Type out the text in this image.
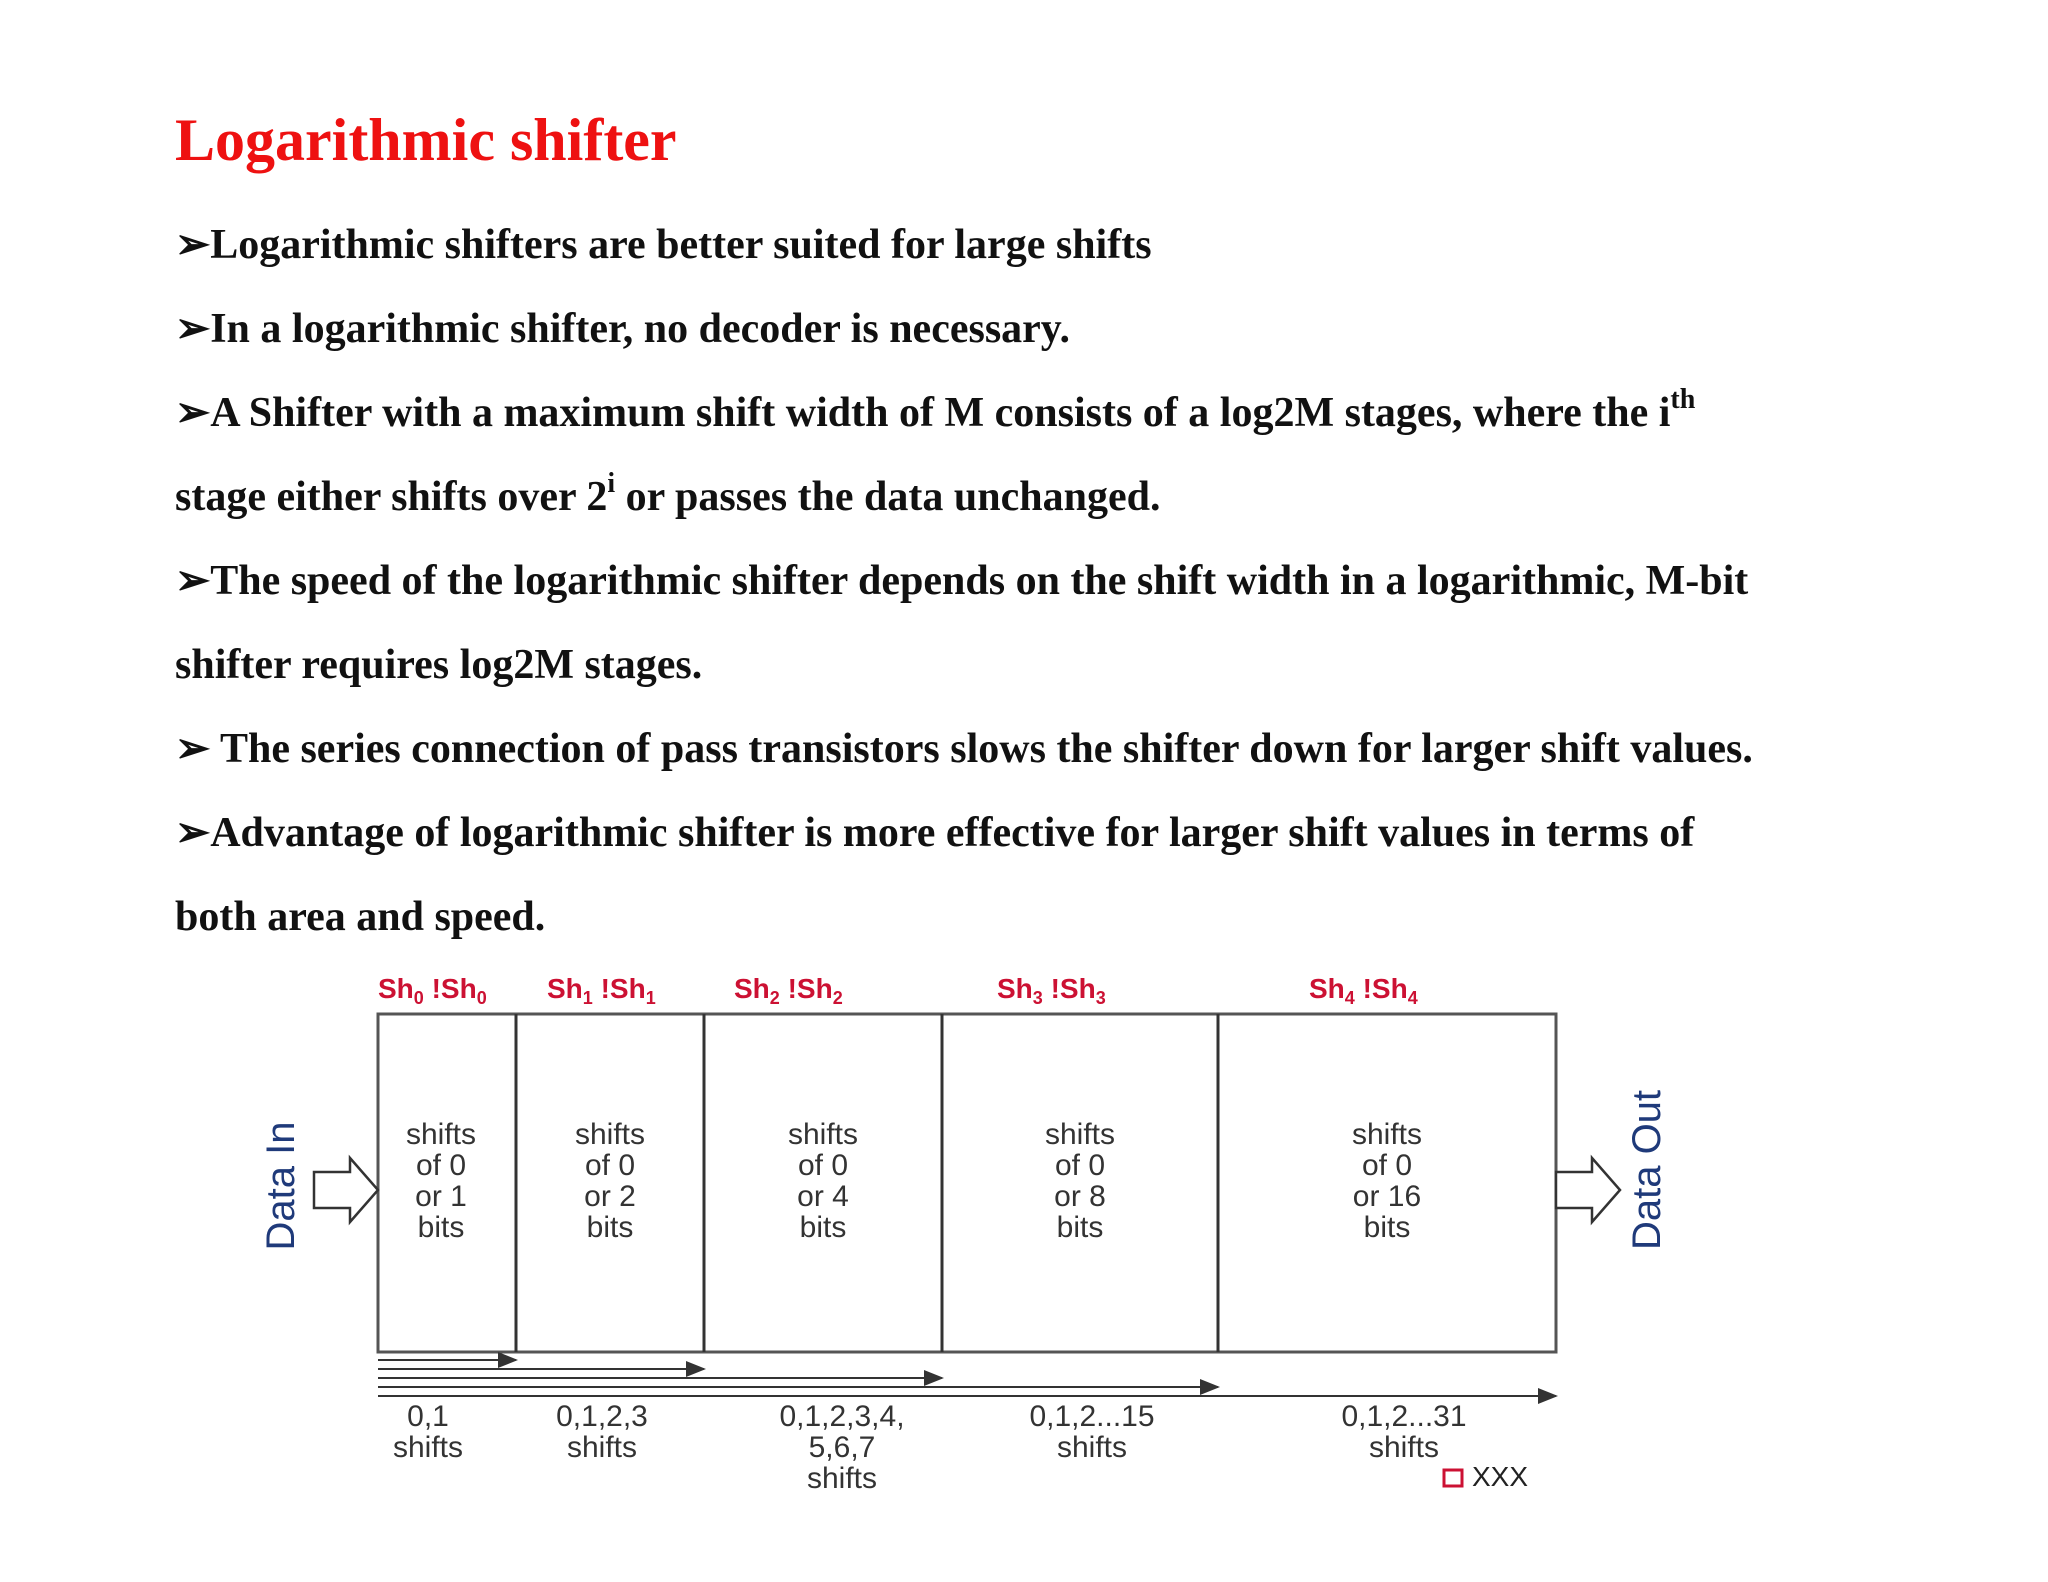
Logarithmic shifter
➢Logarithmic shifters are better suited for large shifts
➢In a logarithmic shifter, no decoder is necessary.
➢A Shifter with a maximum shift width of M consists of a log2M stages, where the $i^{th}$
stage either shifts over 2$^i$ or passes the data unchanged.
➢The speed of the logarithmic shifter depends on the shift width in a logarithmic, M-bit
shifter requires log2M stages.
➢ The series connection of pass transistors slows the shifter down for larger shift values.
➢Advantage of logarithmic shifter is more effective for larger shift values in terms of
both area and speed.
$Sh_0$ $!Sh_0$ $Sh_1$ $!Sh_1$	$Sh_2$ $!Sh_2$	$Sh_3$ $!Sh_3$	$Sh_4$ $!Sh_4$
shifts
of 0
or 1
bits
shifts
of 0
or 2
bits
shifts
of 0
or 4
bits
shifts
of 0
or 8
bits
shifts
of 0
or 16
bits
0,1
shifts
0,1,2,3
shifts
0,1,2,3,4,
5,6,7
shifts
0,1,2...15
shifts
0,1,2...31
shifts
Data In	Data Out
XXX
